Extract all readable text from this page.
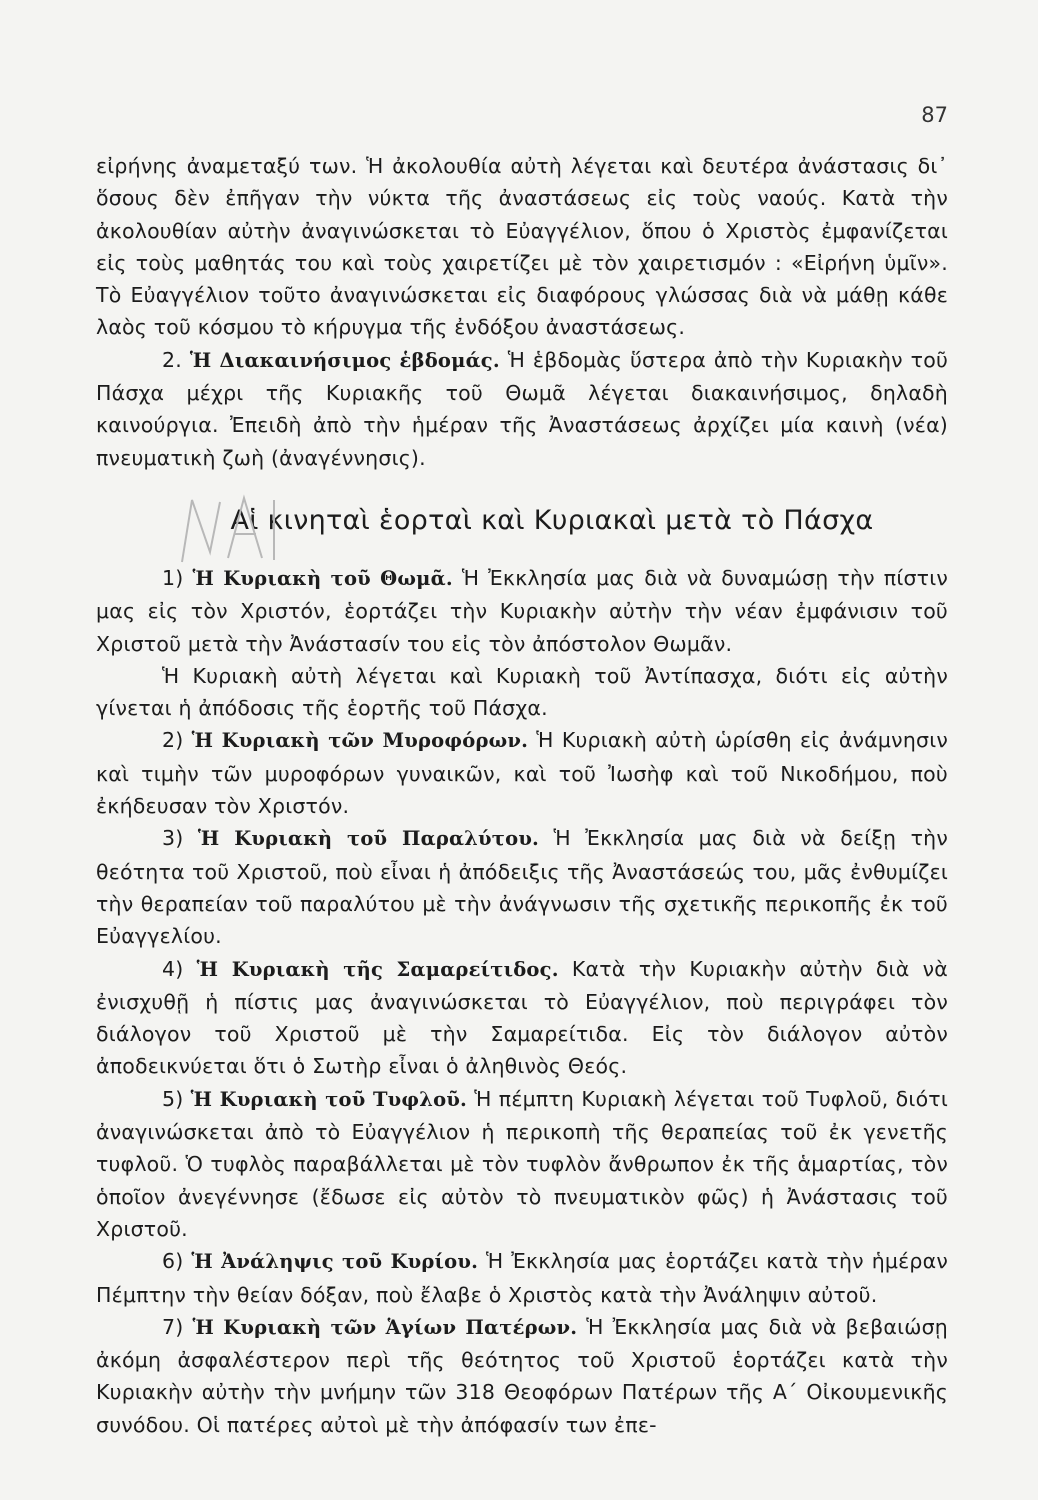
87

εἰρήνης ἀναμεταξύ των. Ἡ ἀκολουθία αὐτὴ λέγεται καὶ δευτέρα ἀνάστασις δι᾽ ὅσους δὲν ἐπῆγαν τὴν νύκτα τῆς ἀναστάσεως εἰς τοὺς ναούς. Κατὰ τὴν ἀκολουθίαν αὐτὴν ἀναγινώσκεται τὸ Εὐαγγέλιον, ὅπου ὁ Χριστὸς ἐμφανίζεται εἰς τοὺς μαθητάς του καὶ τοὺς χαιρετίζει μὲ τὸν χαιρετισμόν : «Εἰρήνη ὑμῖν». Τὸ Εὐαγγέλιον τοῦτο ἀναγινώσκεται εἰς διαφόρους γλώσσας διὰ νὰ μάθῃ κάθε λαὸς τοῦ κόσμου τὸ κήρυγμα τῆς ἐνδόξου ἀναστάσεως.

2. Ἡ Διακαινήσιμος ἑβδομάς. Ἡ ἑβδομὰς ὕστερα ἀπὸ τὴν Κυριακὴν τοῦ Πάσχα μέχρι τῆς Κυριακῆς τοῦ Θωμᾶ λέγεται διακαινήσιμος, δηλαδὴ καινούργια. Ἐπειδὴ ἀπὸ τὴν ἡμέραν τῆς Ἀναστάσεως ἀρχίζει μία καινὴ (νέα) πνευματικὴ ζωὴ (ἀναγέννησις).

Αἱ κινηταὶ ἑορταὶ καὶ Κυριακαὶ μετὰ τὸ Πάσχα

1) Ἡ Κυριακὴ τοῦ Θωμᾶ. Ἡ Ἐκκλησία μας διὰ νὰ δυναμώσῃ τὴν πίστιν μας εἰς τὸν Χριστόν, ἑορτάζει τὴν Κυριακὴν αὐτὴν τὴν νέαν ἐμφάνισιν τοῦ Χριστοῦ μετὰ τὴν Ἀνάστασίν του εἰς τὸν ἀπόστολον Θωμᾶν.

Ἡ Κυριακὴ αὐτὴ λέγεται καὶ Κυριακὴ τοῦ Ἀντίπασχα, διότι εἰς αὐτὴν γίνεται ἡ ἀπόδοσις τῆς ἑορτῆς τοῦ Πάσχα.

2) Ἡ Κυριακὴ τῶν Μυροφόρων. Ἡ Κυριακὴ αὐτὴ ὡρίσθη εἰς ἀνάμνησιν καὶ τιμὴν τῶν μυροφόρων γυναικῶν, καὶ τοῦ Ἰωσὴφ καὶ τοῦ Νικοδήμου, ποὺ ἐκήδευσαν τὸν Χριστόν.

3) Ἡ Κυριακὴ τοῦ Παραλύτου. Ἡ Ἐκκλησία μας διὰ νὰ δείξῃ τὴν θεότητα τοῦ Χριστοῦ, ποὺ εἶναι ἡ ἀπόδειξις τῆς Ἀναστάσεώς του, μᾶς ἐνθυμίζει τὴν θεραπείαν τοῦ παραλύτου μὲ τὴν ἀνάγνωσιν τῆς σχετικῆς περικοπῆς ἐκ τοῦ Εὐαγγελίου.

4) Ἡ Κυριακὴ τῆς Σαμαρείτιδος. Κατὰ τὴν Κυριακὴν αὐτὴν διὰ νὰ ἐνισχυθῇ ἡ πίστις μας ἀναγινώσκεται τὸ Εὐαγγέλιον, ποὺ περιγράφει τὸν διάλογον τοῦ Χριστοῦ μὲ τὴν Σαμαρείτιδα. Εἰς τὸν διάλογον αὐτὸν ἀποδεικνύεται ὅτι ὁ Σωτὴρ εἶναι ὁ ἀληθινὸς Θεός.

5) Ἡ Κυριακὴ τοῦ Τυφλοῦ. Ἡ πέμπτη Κυριακὴ λέγεται τοῦ Τυφλοῦ, διότι ἀναγινώσκεται ἀπὸ τὸ Εὐαγγέλιον ἡ περικοπὴ τῆς θεραπείας τοῦ ἐκ γενετῆς τυφλοῦ. Ὁ τυφλὸς παραβάλλεται μὲ τὸν τυφλὸν ἄνθρωπον ἐκ τῆς ἁμαρτίας, τὸν ὁποῖον ἀνεγέννησε (ἔδωσε εἰς αὐτὸν τὸ πνευματικὸν φῶς) ἡ Ἀνάστασις τοῦ Χριστοῦ.

6) Ἡ Ἀνάληψις τοῦ Κυρίου. Ἡ Ἐκκλησία μας ἑορτάζει κατὰ τὴν ἡμέραν Πέμπτην τὴν θείαν δόξαν, ποὺ ἔλαβε ὁ Χριστὸς κατὰ τὴν Ἀνάληψιν αὐτοῦ.

7) Ἡ Κυριακὴ τῶν Ἁγίων Πατέρων. Ἡ Ἐκκλησία μας διὰ νὰ βεβαιώσῃ ἀκόμη ἀσφαλέστερον περὶ τῆς θεότητος τοῦ Χριστοῦ ἑορτάζει κατὰ τὴν Κυριακὴν αὐτὴν τὴν μνήμην τῶν 318 Θεοφόρων Πατέρων τῆς Α΄ Οἰκουμενικῆς συνόδου. Οἱ πατέρες αὐτοὶ μὲ τὴν ἀπόφασίν των ἐπε-
